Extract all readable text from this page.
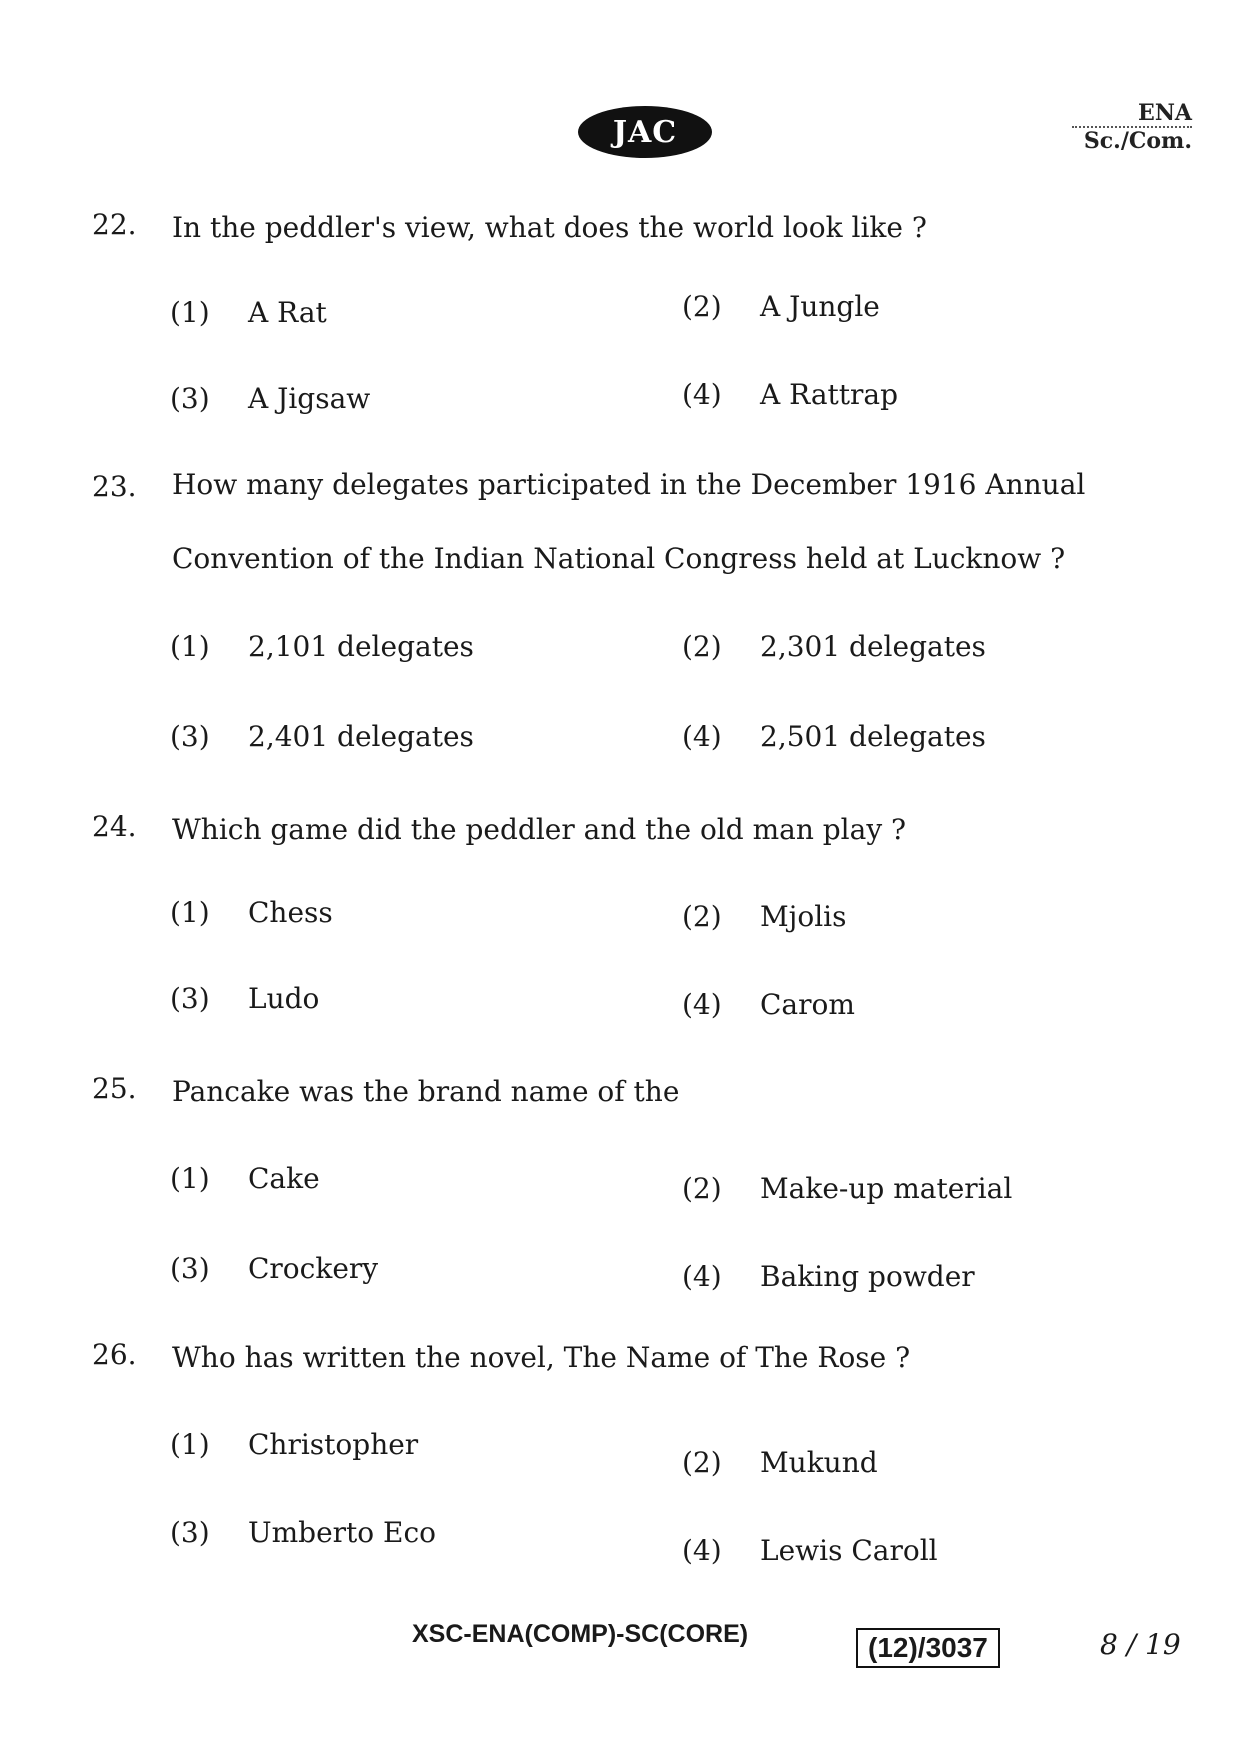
JAC
ENA
Sc./Com.
22. In the peddler's view, what does the world look like ?
(1) A Rat	(2) A Jungle
(3) A Jigsaw	(4) A Rattrap
23. How many delegates participated in the December 1916 Annual Convention of the Indian National Congress held at Lucknow ?
(1) 2,101 delegates	(2) 2,301 delegates
(3) 2,401 delegates	(4) 2,501 delegates
24. Which game did the peddler and the old man play ?
(1) Chess	(2) Mjolis
(3) Ludo	(4) Carom
25. Pancake was the brand name of the
(1) Cake	(2) Make-up material
(3) Crockery	(4) Baking powder
26. Who has written the novel, The Name of The Rose ?
(1) Christopher
(2) Mukund
(3) Umberto Eco
(4) Lewis Caroll
XSC-ENA(COMP)-SC(CORE)	(12)/3037	8 / 19
